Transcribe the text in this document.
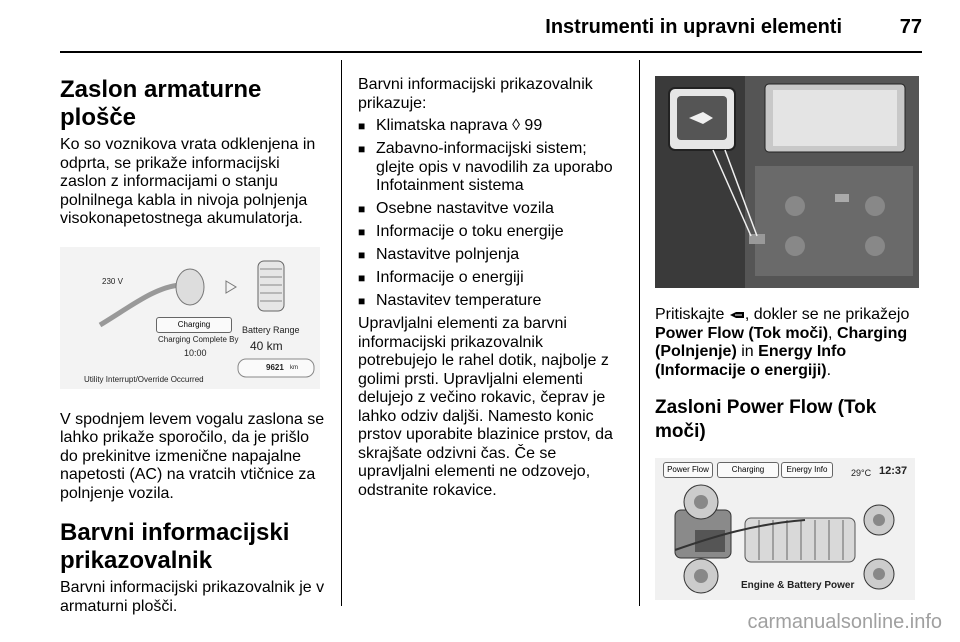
Instrumenti in upravni elementi	77
Zaslon armaturne plošče

Ko so voznikova vrata odklenjena in odprta, se prikaže informacijski zaslon z informacijami o stanju polnilnega kabla in nivoja polnjenja visokonapetostnega akumulatorja.

230 V
Charging
Charging Complete By
10:00
Battery Range
40 km
9621 km
Utility Interrupt/Override Occurred

V spodnjem levem vogalu zaslona se lahko prikaže sporočilo, da je prišlo do prekinitve izmenične napajalne napetosti (AC) na vratcih vtičnice za polnjenje vozila.

Barvni informacijski prikazovalnik

Barvni informacijski prikazovalnik je v armaturni plošči.

Barvni informacijski prikazovalnik prikazuje:

■ Klimatska naprava ◊ 99
■ Zabavno-informacijski sistem; glejte opis v navodilih za uporabo Infotainment sistema
■ Osebne nastavitve vozila
■ Informacije o toku energije
■ Nastavitve polnjenja
■ Informacije o energiji
■ Nastavitev temperature

Upravljalni elementi za barvni informacijski prikazovalnik potrebujejo le rahel dotik, najbolje z golimi prsti. Upravljalni elementi delujejo z večino rokavic, čeprav je lahko odziv daljši. Namesto konic prstov uporabite blazinice prstov, da skrajšate odzivni čas. Če se upravljalni elementi ne odzovejo, odstranite rokavice.

Pritiskajte , dokler se ne prikažejo Power Flow (Tok moči), Charging (Polnjenje) in Energy Info (Informacije o energiji).

Zasloni Power Flow (Tok moči)
Power Flow	Charging	Energy Info	29°C 12:37
Engine & Battery Power
carmanualsonline.info
